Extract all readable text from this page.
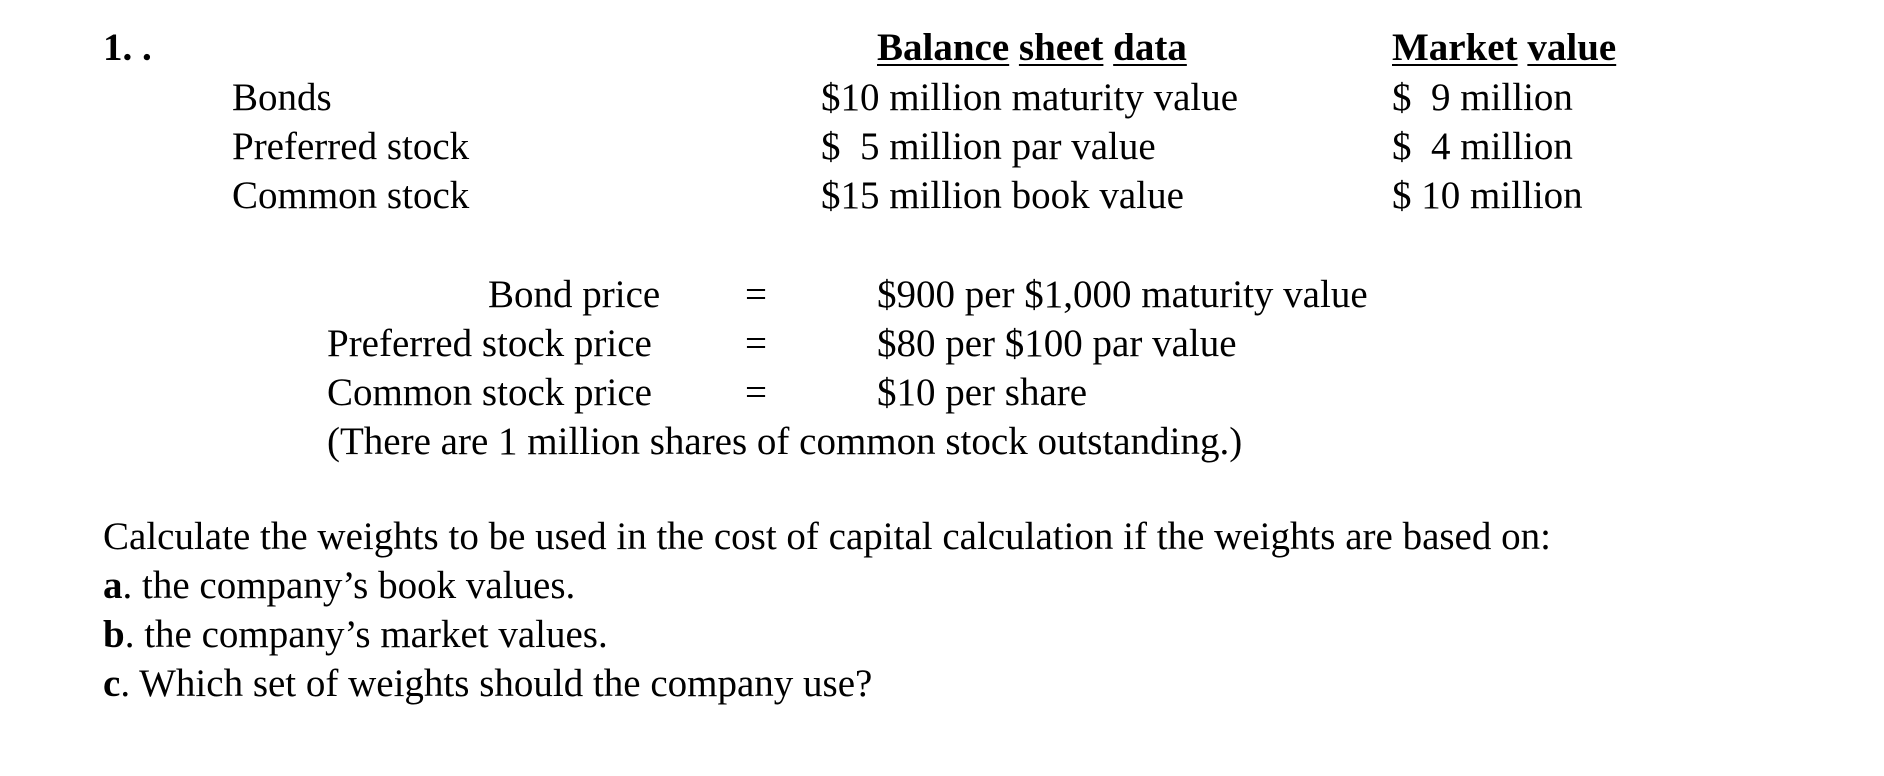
1. .	Balance sheet data	Market value
Bonds	$10 million maturity value	$  9 million
Preferred stock	$  5 million par value	$  4 million
Common stock	$15 million book value	$ 10 million
Bond price =	$900 per $1,000 maturity value
Preferred stock price =	$80 per $100 par value
Common stock price =	$10 per share
(There are 1 million shares of common stock outstanding.)
Calculate the weights to be used in the cost of capital calculation if the weights are based on:
a. the company’s book values.
b. the company’s market values.
c. Which set of weights should the company use?
